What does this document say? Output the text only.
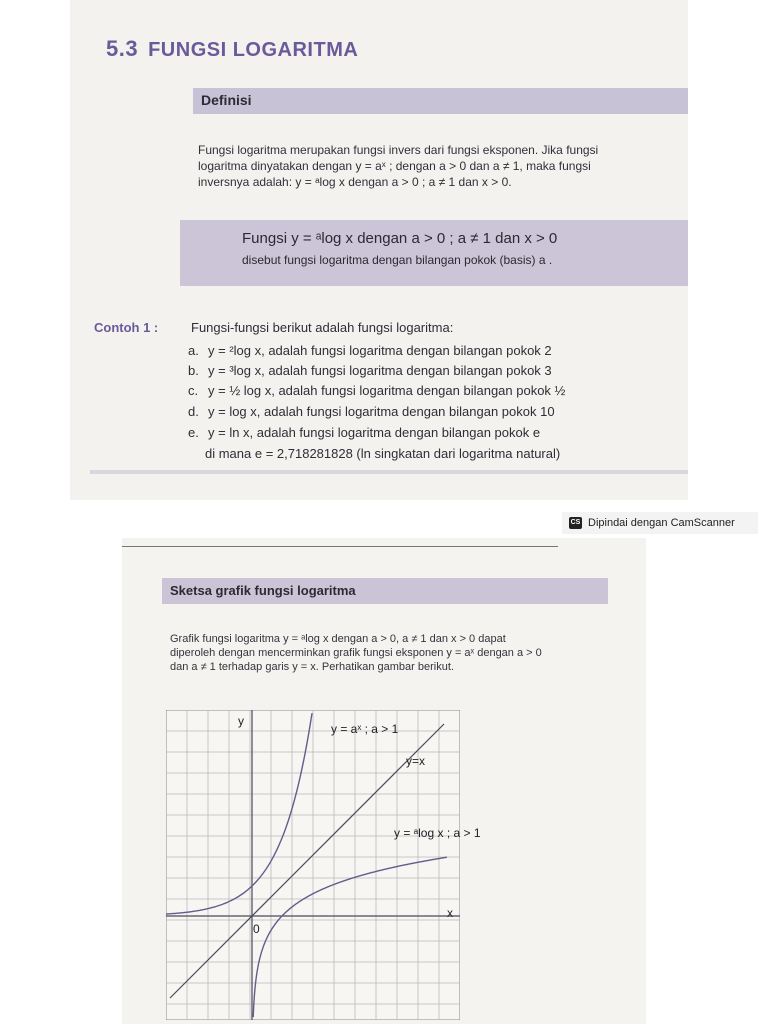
5.3 FUNGSI LOGARITMA
Definisi

Fungsi logaritma merupakan fungsi invers dari fungsi eksponen. Jika fungsi

logaritma dinyatakan dengan y = aˣ ; dengan a > 0 dan a ≠ 1, maka fungsi

inversnya adalah: y = ᵃlog x dengan a > 0 ; a ≠ 1 dan x > 0.

Fungsi y = ᵃlog x dengan a > 0 ; a ≠ 1 dan x > 0
disebut fungsi logaritma dengan bilangan pokok (basis) a .
Contoh 1 :	Fungsi-fungsi berikut adalah fungsi logaritma:
a. y = ²log x, adalah fungsi logaritma dengan bilangan pokok 2
b. y = ³log x, adalah fungsi logaritma dengan bilangan pokok 3
c. y = ½ log x, adalah fungsi logaritma dengan bilangan pokok ½
d. y = log x, adalah fungsi logaritma dengan bilangan pokok 10
e. y = ln x, adalah fungsi logaritma dengan bilangan pokok e
di mana e = 2,718281828 (ln singkatan dari logaritma natural)
CS Dipindai dengan CamScanner
Sketsa grafik fungsi logaritma

Grafik fungsi logaritma y = ᵃlog x dengan a > 0, a ≠ 1 dan x > 0 dapat

diperoleh dengan mencerminkan grafik fungsi eksponen y = aˣ dengan a > 0

dan a ≠ 1 terhadap garis y = x. Perhatikan gambar berikut.

y
y = aˣ ; a > 1
y=x
y = ᵃlog x ; a > 1
x
0
